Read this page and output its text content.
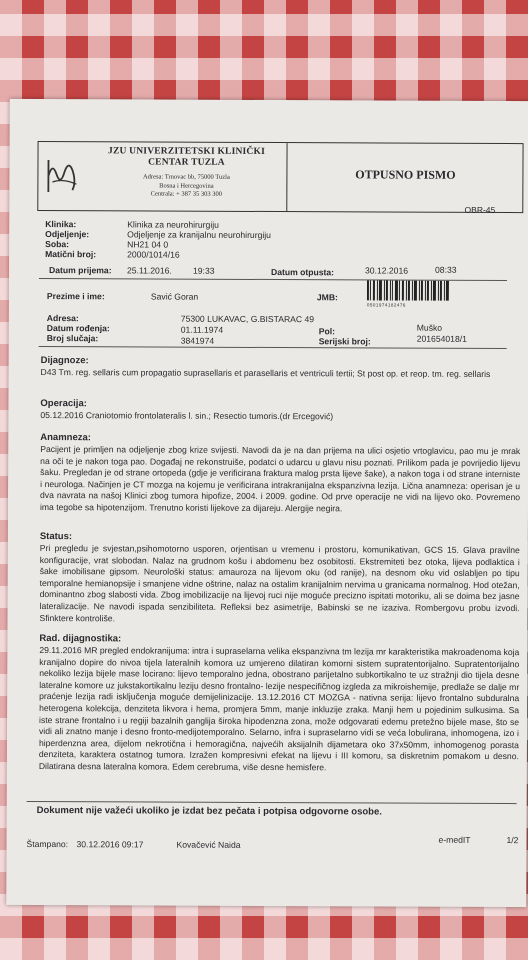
JZU UNIVERZITETSKI KLINIČKI
CENTAR TUZLA
Adresa: Trnovac bb, 75000 Tuzla
Bosna i Hercegovina
Centrala: + 387 35 303 300
OTPUSNO PISMO
OBR-45
Klinika:	Klinika za neurohirurgiju
Odjeljenje:	Odjeljenje za kranijalnu neurohirurgiju
Soba:	NH21 04 0
Matični broj:	2000/1014/16
Datum prijema: 25.11.2016. 19:33	Datum otpusta:	30.12.2016	08:33
Prezime i ime:	Savić Goran	JMB:
0501974182476
Adresa:	75300 LUKAVAC, G.BISTARAC 49
Datum rođenja:	01.11.1974	Pol:	Muško
Broj slučaja:	3841974	Serijski broj:	201654018/1
Dijagnoze:
D43 Tm. reg. sellaris cum propagatio suprasellaris et parasellaris et ventriculi tertii; St post op. et reop. tm. reg. sellaris
Operacija:
05.12.2016 Craniotomio frontolateralis l. sin.; Resectio tumoris.(dr Ercegović)
Anamneza:
Pacijent je primljen na odjeljenje zbog krize svijesti. Navodi da je na dan prijema na ulici osjetio vrtoglavicu, pao mu je mrak na oči te je nakon toga pao. Događaj ne rekonstruiše, podatci o udarcu u glavu nisu poznati. Prilikom pada je povrijedio lijevu šaku. Pregledan je od strane ortopeda (gdje je verificirana fraktura malog prsta lijeve šake), a nakon toga i od strane interniste i neurologa. Načinjen je CT mozga na kojemu je verificirana intrakranijalna ekspanzivna lezija. Lična anamneza: operisan je u dva navrata na našoj Klinici zbog tumora hipofize, 2004. i 2009. godine. Od prve operacije ne vidi na lijevo oko. Povremeno ima tegobe sa hipotenzijom. Trenutno koristi lijekove za dijareju. Alergije negira.
Status:
Pri pregledu je svjestan,psihomotorno usporen, orjentisan u vremenu i prostoru, komunikativan, GCS 15. Glava pravilne konfiguracije, vrat slobodan. Nalaz na grudnom košu i abdomenu bez osobitosti. Ekstremiteti bez otoka, lijeva podlaktica i šake imobilisane gipsom. Neurološki status: amauroza na lijevom oku (od ranije), na desnom oku vid oslabljen po tipu temporalne hemianopsije i smanjene vidne oštrine, nalaz na ostalim kranijalnim nervima u granicama normalnog. Hod otežan, dominantno zbog slabosti vida. Zbog imobilizacije na lijevoj ruci nije moguće precizno ispitati motoriku, ali se doima bez jasne lateralizacije. Ne navodi ispada senzibiliteta. Refleksi bez asimetrije, Babinski se ne izaziva. Rombergovu probu izvodi. Sfinktere kontroliše.
Rad. dijagnostika:
29.11.2016 MR pregled endokranijuma: intra i supraselarna velika ekspanzivna tm lezija mr karakteristika makroadenoma koja kranijalno dopire do nivoa tijela lateralnih komora uz umjereno dilatiran komorni sistem supratentorijalno. Supratentorijalno nekoliko lezija bijele mase locirano: lijevo temporalno jedna, obostrano parijetalno subkortikalno te uz stražnji dio tijela desne lateralne komore uz jukstakortikalnu leziju desno frontalno- lezije nespecifičnog izgleda za mikroishemije, predlaže se dalje mr praćenje lezija radi isključenja moguće demijelinizacije. 13.12.2016 CT MOZGA - nativna serija: lijevo frontalno subduralna heterogena kolekcija, denziteta likvora i hema, promjera 5mm, manje inkluzije zraka. Manji hem u pojedinim sulkusima. Sa iste strane frontalno i u regiji bazalnih ganglija široka hipodenzna zona, može odgovarati edemu pretežno bijele mase, što se vidi ali znatno manje i desno fronto-medijotemporalno. Selarno, infra i supraselarno vidi se veća lobulirana, inhomogena, izo i hiperdenzna area, dijelom nekrotična i hemoragična, najvećih aksijalnih dijametara oko 37x50mm, inhomogenog porasta denziteta, karaktera ostatnog tumora. Izražen kompresivni efekat na lijevu i III komoru, sa diskretnim pomakom u desno. Dilatirana desna lateralna komora. Edem cerebruma, više desne hemisfere.
Dokument nije važeći ukoliko je izdat bez pečata i potpisa odgovorne osobe.
Štampano: 30.12.2016 09:17	Kovačević Naida	e-medIT	1/2
